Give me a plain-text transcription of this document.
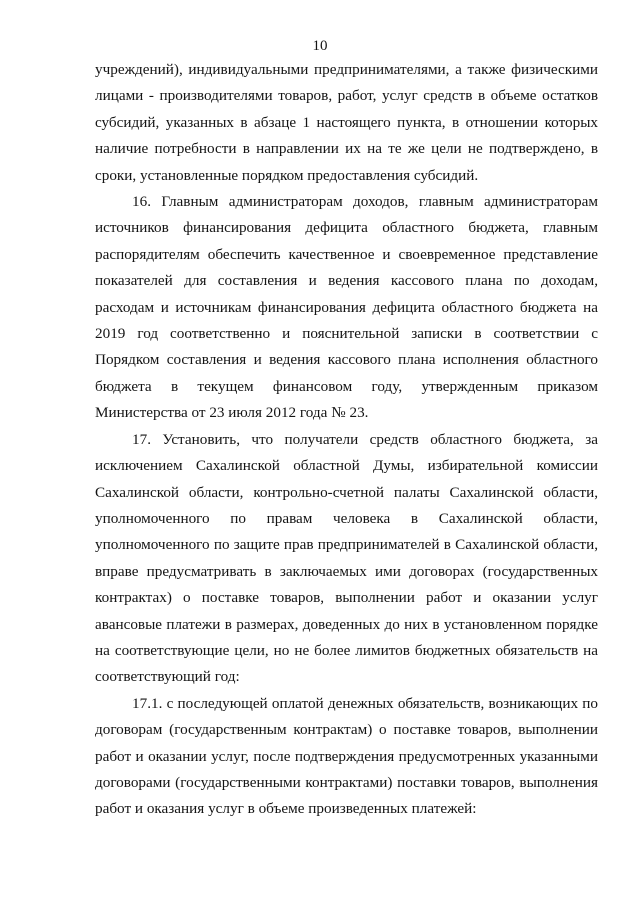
10

учреждений), индивидуальными предпринимателями, а также физическими лицами - производителями товаров, работ, услуг средств в объеме остатков субсидий, указанных в абзаце 1 настоящего пункта, в отношении которых наличие потребности в направлении их на те же цели не подтверждено, в сроки, установленные порядком предоставления субсидий.

16. Главным администраторам доходов, главным администраторам источников финансирования дефицита областного бюджета, главным распорядителям обеспечить качественное и своевременное представление показателей для составления и ведения кассового плана по доходам, расходам и источникам финансирования дефицита областного бюджета на 2019 год соответственно и пояснительной записки в соответствии с Порядком составления и ведения кассового плана исполнения областного бюджета в текущем финансовом году, утвержденным приказом Министерства от 23 июля 2012 года № 23.

17. Установить, что получатели средств областного бюджета, за исключением Сахалинской областной Думы, избирательной комиссии Сахалинской области, контрольно-счетной палаты Сахалинской области, уполномоченного по правам человека в Сахалинской области, уполномоченного по защите прав предпринимателей в Сахалинской области, вправе предусматривать в заключаемых ими договорах (государственных контрактах) о поставке товаров, выполнении работ и оказании услуг авансовые платежи в размерах, доведенных до них в установленном порядке на соответствующие цели, но не более лимитов бюджетных обязательств на соответствующий год:

17.1. с последующей оплатой денежных обязательств, возникающих по договорам (государственным контрактам) о поставке товаров, выполнении работ и оказании услуг, после подтверждения предусмотренных указанными договорами (государственными контрактами) поставки товаров, выполнения работ и оказания услуг в объеме произведенных платежей:
